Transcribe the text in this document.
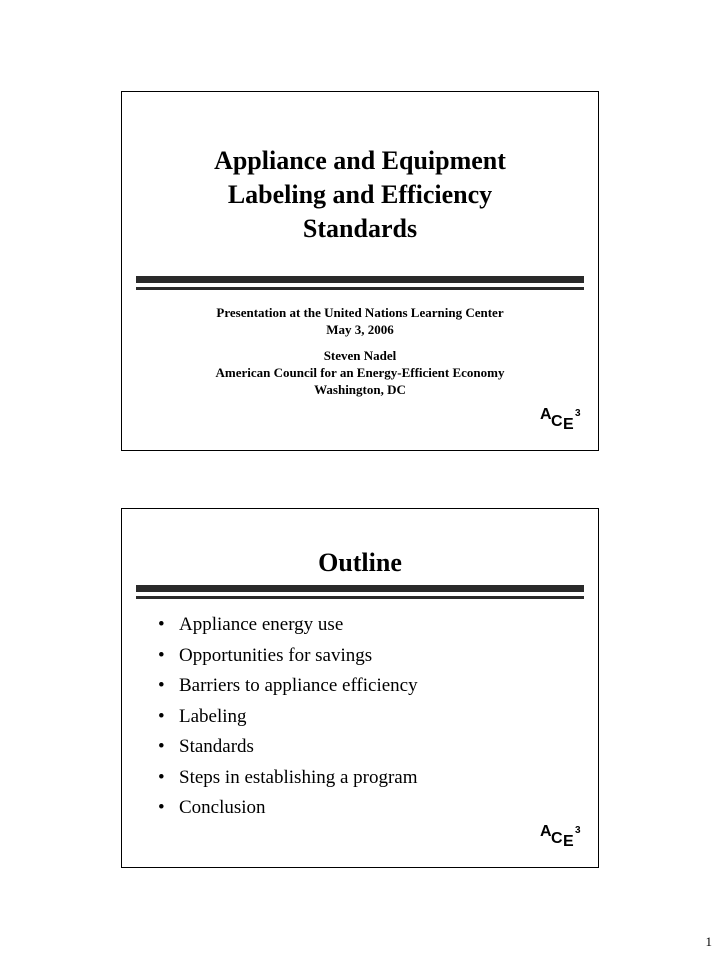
Appliance and Equipment
Labeling and Efficiency
Standards
Presentation at the United Nations Learning Center
May 3, 2006
Steven Nadel
American Council for an Energy-Efficient Economy
Washington, DC
A C E
3
Outline
• Appliance energy use
• Opportunities for savings
• Barriers to appliance efficiency
• Labeling
• Standards
• Steps in establishing a program
• Conclusion
A C E
3
1
